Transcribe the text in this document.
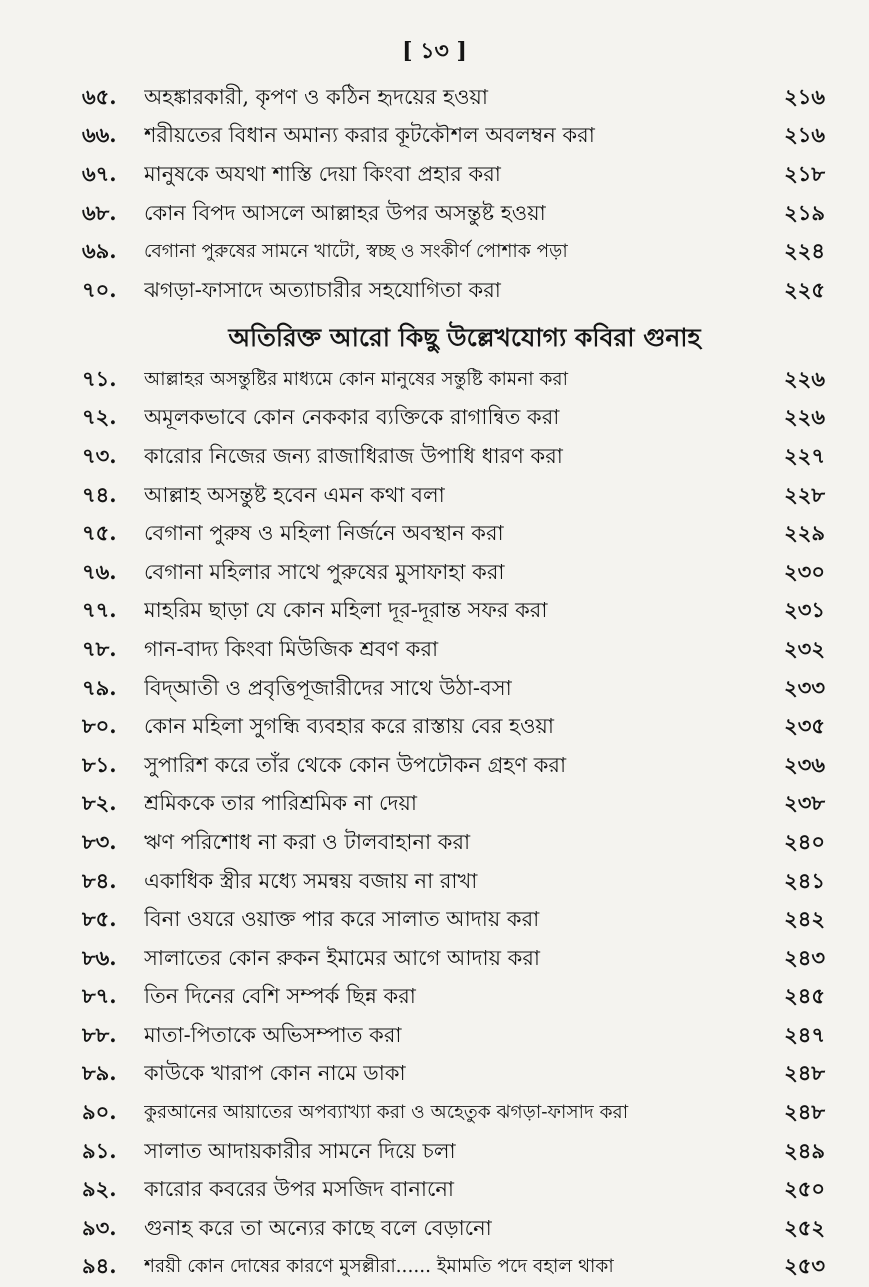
[ ১৩ ]
৬৫.	অহঙ্কারকারী, কৃপণ ও কঠিন হৃদয়ের হওয়া	২১৬
৬৬.	শরীয়তের বিধান অমান্য করার কূটকৌশল অবলম্বন করা	২১৬
৬৭.	মানুষকে অযথা শাস্তি দেয়া কিংবা প্রহার করা	২১৮
৬৮.	কোন বিপদ আসলে আল্লাহর উপর অসন্তুষ্ট হওয়া	২১৯
৬৯.	বেগানা পুরুষের সামনে খাটো, স্বচ্ছ ও সংকীর্ণ পোশাক পড়া	২২৪
৭০.	ঝগড়া-ফাসাদে অত্যাচারীর সহযোগিতা করা	২২৫
অতিরিক্ত আরো কিছু উল্লেখযোগ্য কবিরা গুনাহ
৭১.	আল্লাহর অসন্তুষ্টির মাধ্যমে কোন মানুষের সন্তুষ্টি কামনা করা	২২৬
৭২.	অমূলকভাবে কোন নেককার ব্যক্তিকে রাগান্বিত করা	২২৬
৭৩.	কারোর নিজের জন্য রাজাধিরাজ উপাধি ধারণ করা	২২৭
৭৪.	আল্লাহ অসন্তুষ্ট হবেন এমন কথা বলা	২২৮
৭৫.	বেগানা পুরুষ ও মহিলা নির্জনে অবস্থান করা	২২৯
৭৬.	বেগানা মহিলার সাথে পুরুষের মুসাফাহা করা	২৩০
৭৭.	মাহরিম ছাড়া যে কোন মহিলা দূর-দূরান্ত সফর করা	২৩১
৭৮.	গান-বাদ্য কিংবা মিউজিক শ্রবণ করা	২৩২
৭৯.	বিদ্‌আতী ও প্রবৃত্তিপূজারীদের সাথে উঠা-বসা	২৩৩
৮০.	কোন মহিলা সুগন্ধি ব্যবহার করে রাস্তায় বের হওয়া	২৩৫
৮১.	সুপারিশ করে তাঁর থেকে কোন উপঢৌকন গ্রহণ করা	২৩৬
৮২.	শ্রমিককে তার পারিশ্রমিক না দেয়া	২৩৮
৮৩.	ঋণ পরিশোধ না করা ও টালবাহানা করা	২৪০
৮৪.	একাধিক স্ত্রীর মধ্যে সমন্বয় বজায় না রাখা	২৪১
৮৫.	বিনা ওযরে ওয়াক্ত পার করে সালাত আদায় করা	২৪২
৮৬.	সালাতের কোন রুকন ইমামের আগে আদায় করা	২৪৩
৮৭.	তিন দিনের বেশি সম্পর্ক ছিন্ন করা	২৪৫
৮৮.	মাতা-পিতাকে অভিসম্পাত করা	২৪৭
৮৯.	কাউকে খারাপ কোন নামে ডাকা	২৪৮
৯০.	কুরআনের আয়াতের অপব্যাখ্যা করা ও অহেতুক ঝগড়া-ফাসাদ করা	২৪৮
৯১.	সালাত আদায়কারীর সামনে দিয়ে চলা	২৪৯
৯২.	কারোর কবরের উপর মসজিদ বানানো	২৫০
৯৩.	গুনাহ করে তা অন্যের কাছে বলে বেড়ানো	২৫২
৯৪.	শরয়ী কোন দোষের কারণে মুসল্লীরা...... ইমামতি পদে বহাল থাকা	২৫৩
